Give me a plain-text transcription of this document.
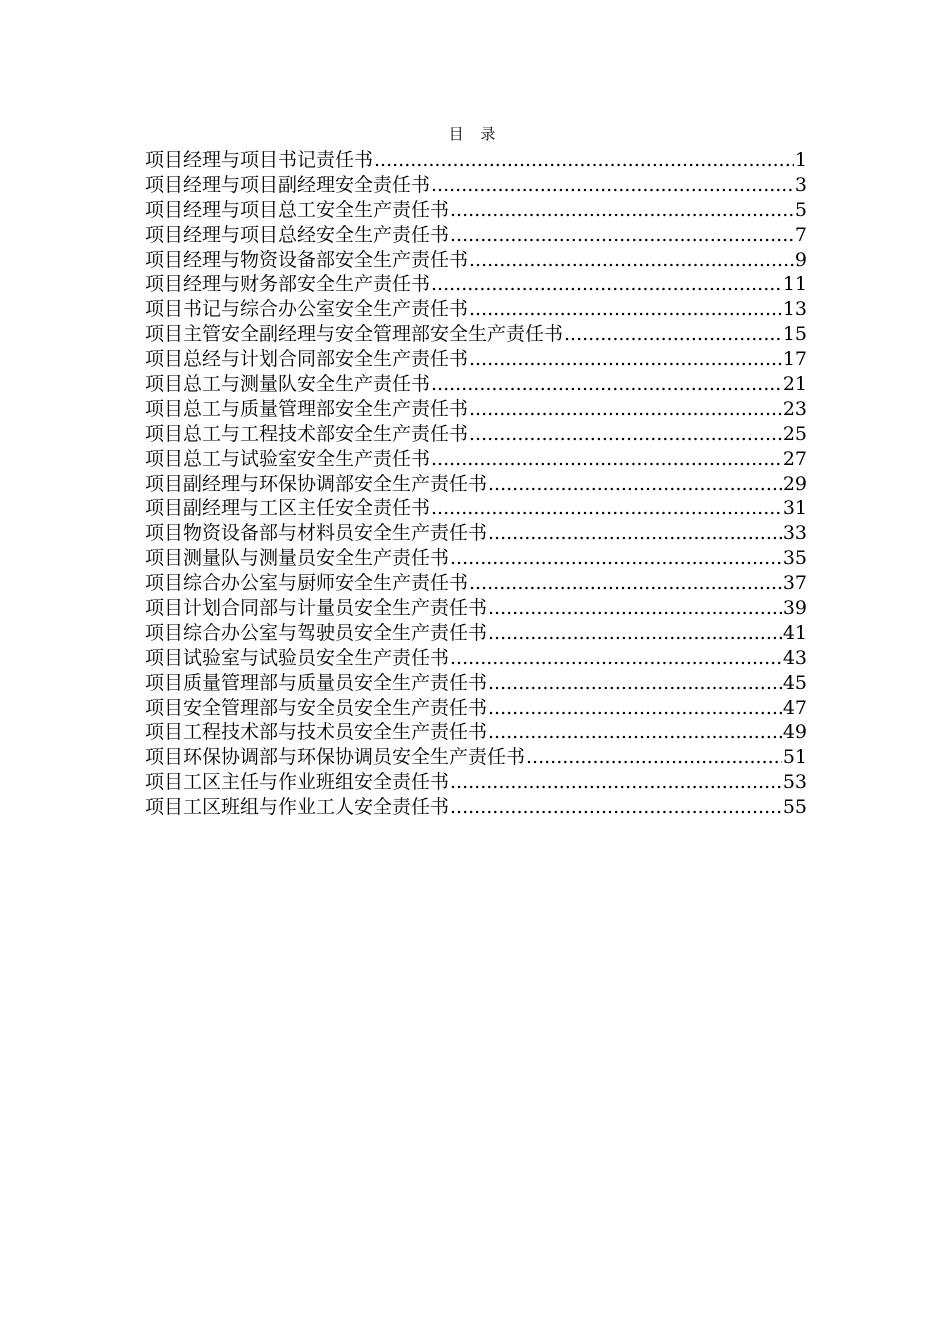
目 录
项目经理与项目书记责任书 .....	1
项目经理与项目副经理安全责任书 .....	3
项目经理与项目总工安全生产责任书 .....	5
项目经理与项目总经安全生产责任书 .....	7
项目经理与物资设备部安全生产责任书 .....	9
项目经理与财务部安全生产责任书 .....	11
项目书记与综合办公室安全生产责任书 .....	13
项目主管安全副经理与安全管理部安全生产责任书 .....	15
项目总经与计划合同部安全生产责任书 .....	17
项目总工与测量队安全生产责任书 .....	21
项目总工与质量管理部安全生产责任书 .....	23
项目总工与工程技术部安全生产责任书 .....	25
项目总工与试验室安全生产责任书 .....	27
项目副经理与环保协调部安全生产责任书 .....	29
项目副经理与工区主任安全责任书 .....	31
项目物资设备部与材料员安全生产责任书 .....	33
项目测量队与测量员安全生产责任书 .....	35
项目综合办公室与厨师安全生产责任书 .....	37
项目计划合同部与计量员安全生产责任书 .....	39
项目综合办公室与驾驶员安全生产责任书 .....	41
项目试验室与试验员安全生产责任书 .....	43
项目质量管理部与质量员安全生产责任书 .....	45
项目安全管理部与安全员安全生产责任书 .....	47
项目工程技术部与技术员安全生产责任书 .....	49
项目环保协调部与环保协调员安全生产责任书 .....	51
项目工区主任与作业班组安全责任书 .....	53
项目工区班组与作业工人安全责任书 .....	55
